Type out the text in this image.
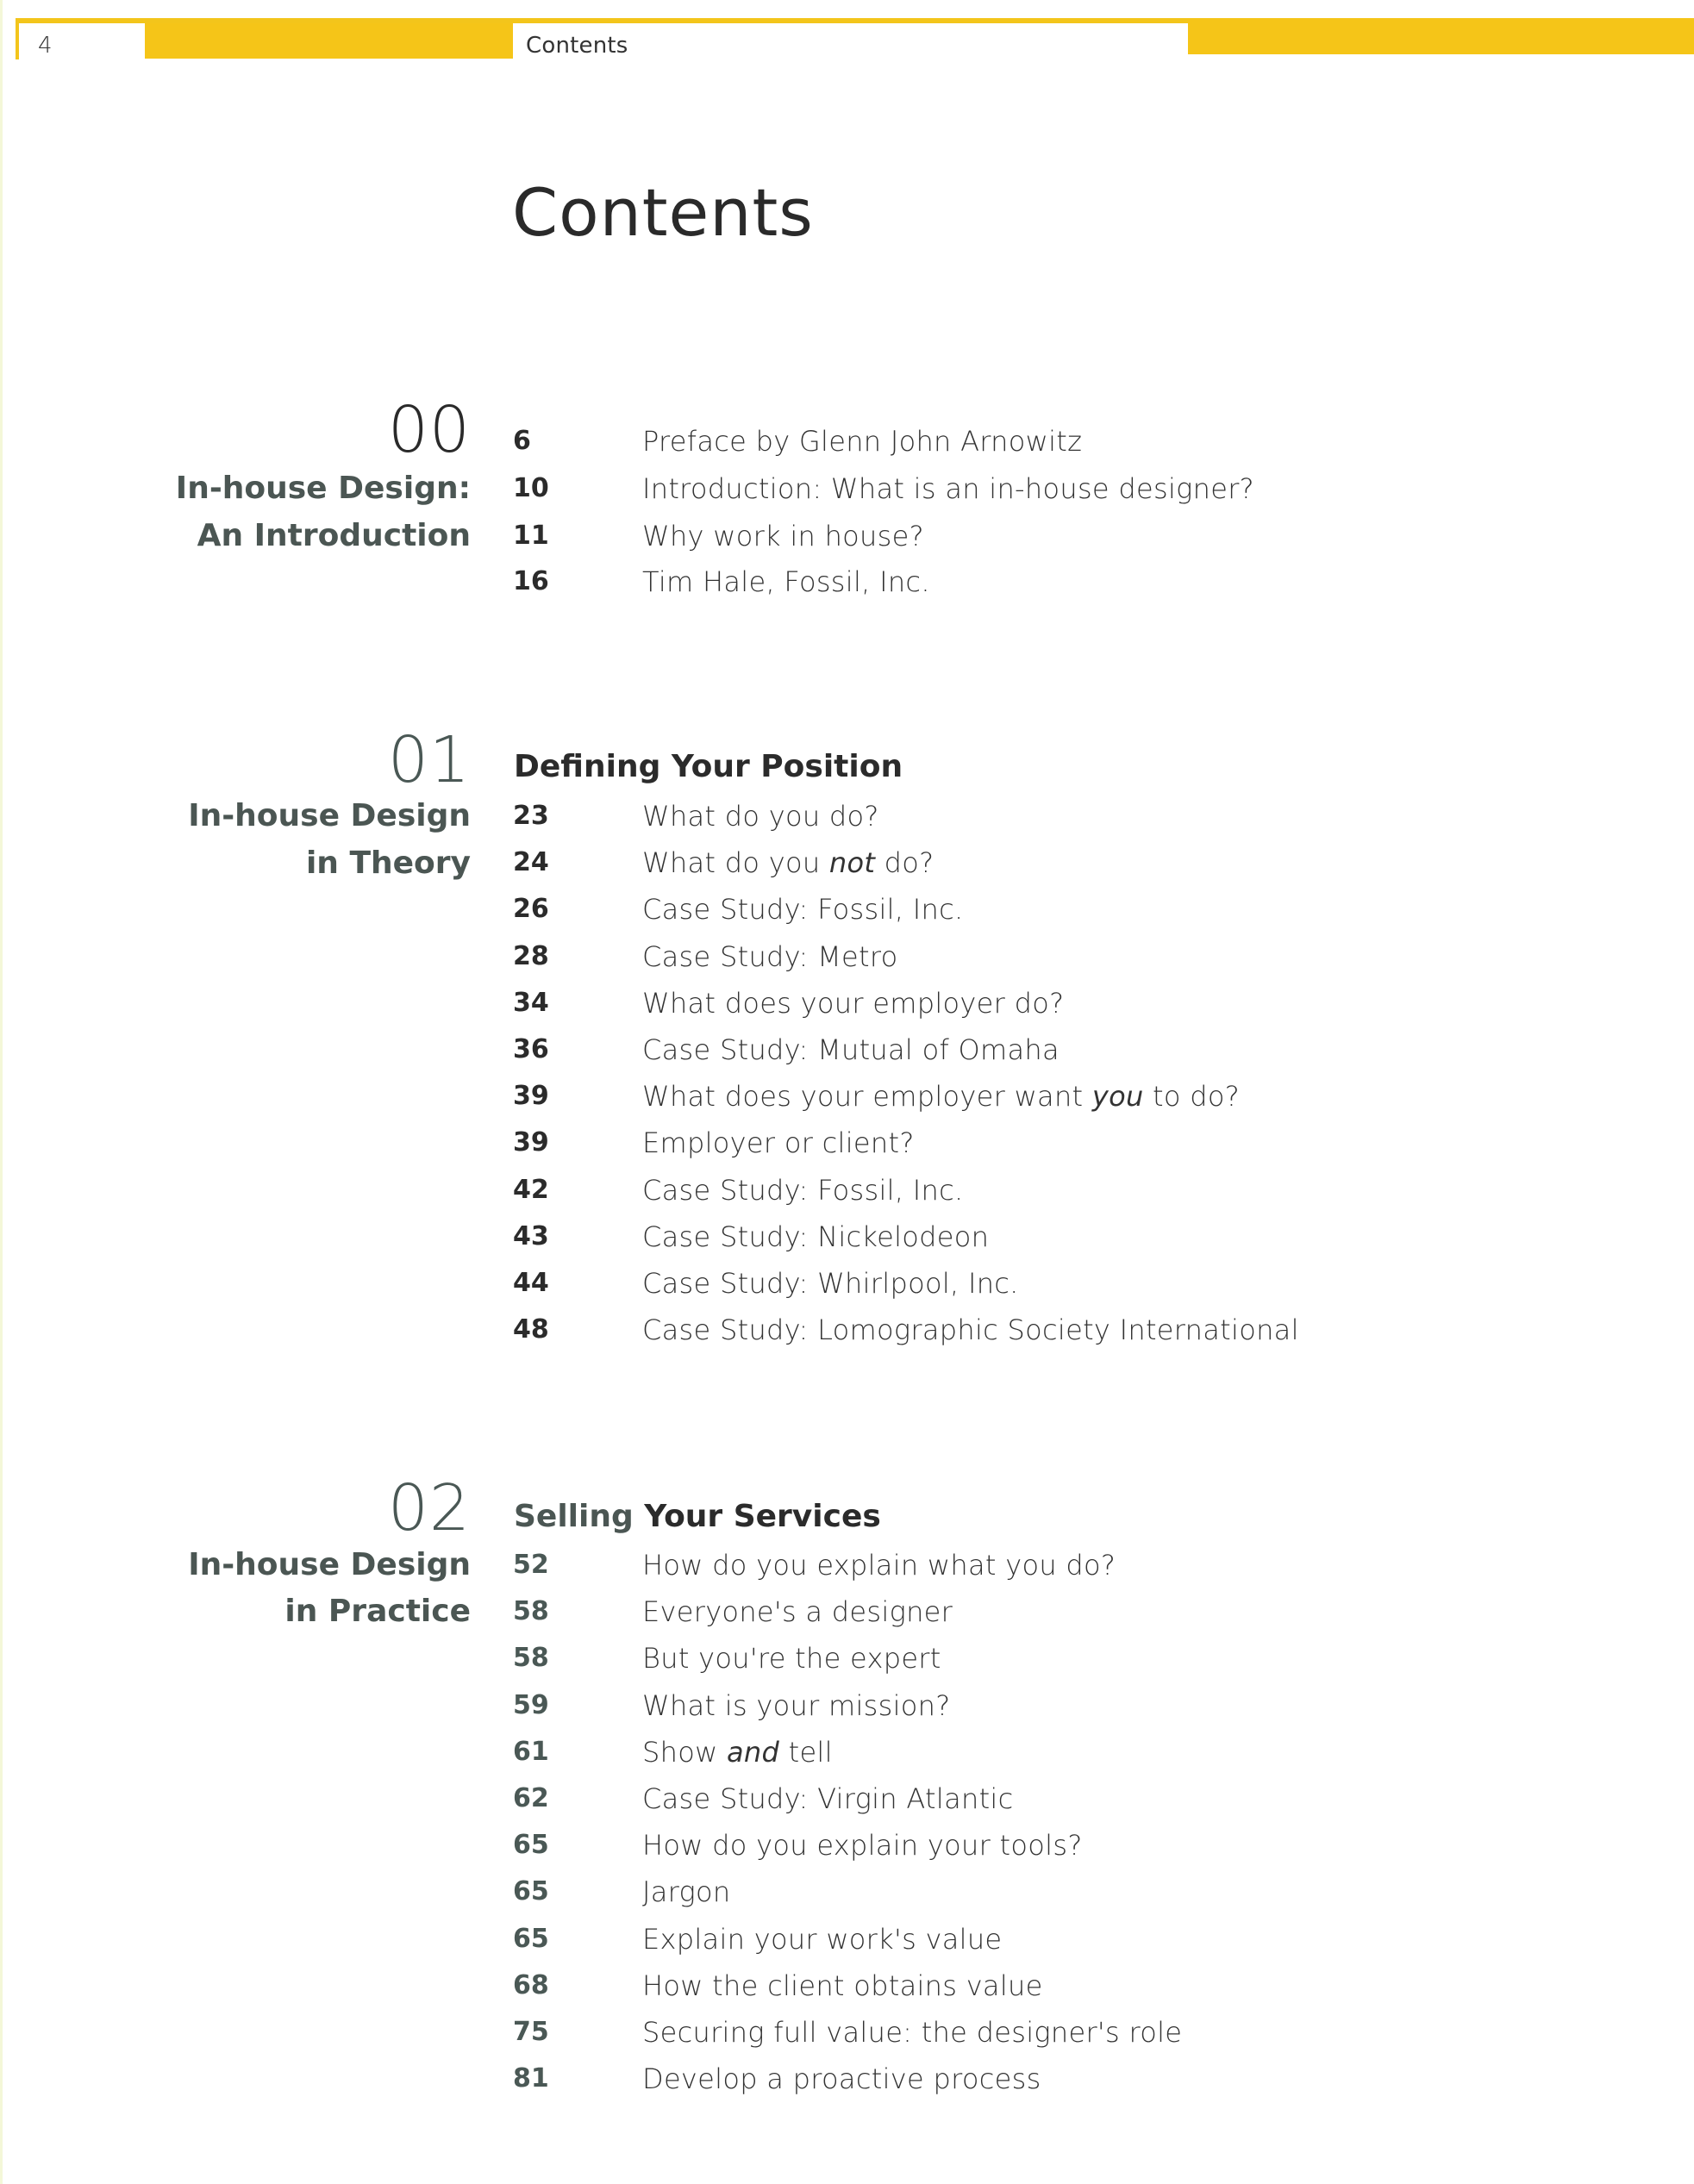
4	Contents
Contents
00
In-house Design:
An Introduction
6	Preface by Glenn John Arnowitz
10	Introduction: What is an in-house designer?
11	Why work in house?
16	Tim Hale, Fossil, Inc.
01 Defining Your Position
In-house Design
in Theory
23	What do you do?
24	What do you not do?
26	Case Study: Fossil, Inc.
28	Case Study: Metro
34	What does your employer do?
36	Case Study: Mutual of Omaha
39	What does your employer want you to do?
39	Employer or client?
42	Case Study: Fossil, Inc.
43	Case Study: Nickelodeon
44	Case Study: Whirlpool, Inc.
48	Case Study: Lomographic Society International
02 Selling Your Services
In-house Design
in Practice
52	How do you explain what you do?
58	Everyone's a designer
58	But you're the expert
59	What is your mission?
61	Show and tell
62	Case Study: Virgin Atlantic
65	How do you explain your tools?
65	Jargon
65	Explain your work's value
68	How the client obtains value
75	Securing full value: the designer's role
81	Develop a proactive process
